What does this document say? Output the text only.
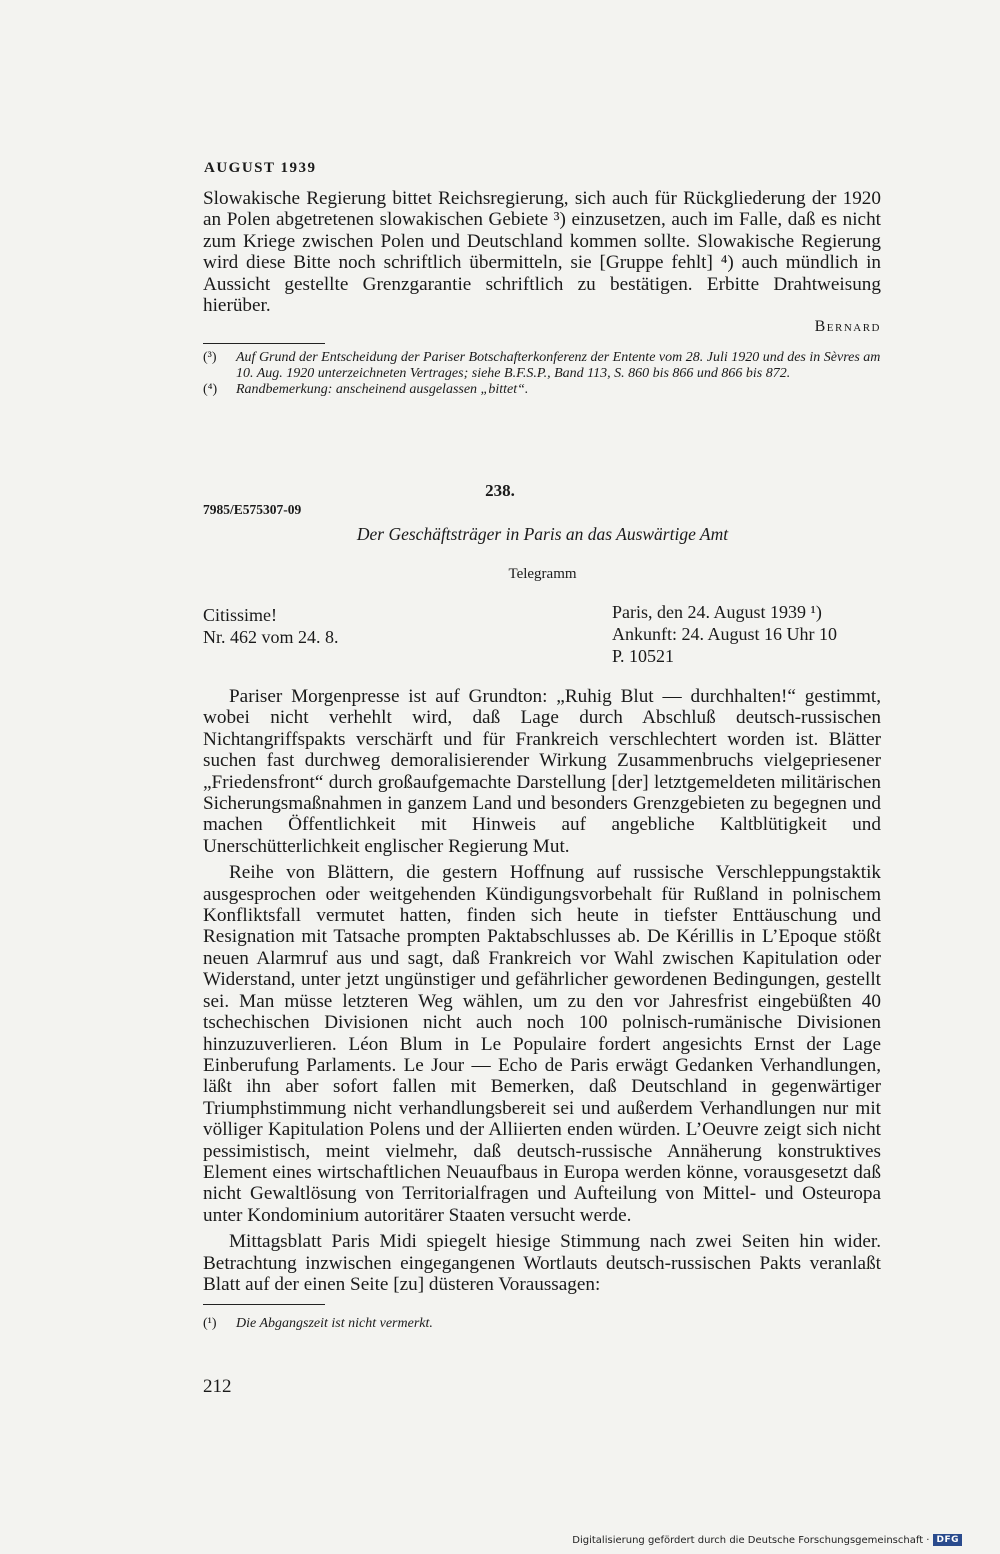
AUGUST 1939
Slowakische Regierung bittet Reichsregierung, sich auch für Rückgliederung der 1920 an Polen abgetretenen slowakischen Gebiete ³) einzusetzen, auch im Falle, daß es nicht zum Kriege zwischen Polen und Deutschland kommen sollte. Slowakische Regierung wird diese Bitte noch schriftlich übermitteln, sie [Gruppe fehlt] ⁴) auch mündlich in Aussicht gestellte Grenzgarantie schriftlich zu bestätigen. Erbitte Drahtweisung hierüber.
Bernard
(³)	Auf Grund der Entscheidung der Pariser Botschafterkonferenz der Entente vom 28. Juli 1920 und des in Sèvres am 10. Aug. 1920 unterzeichneten Vertrages; siehe B.F.S.P., Band 113, S. 860 bis 866 und 866 bis 872.
(⁴)	Randbemerkung: anscheinend ausgelassen „bittet“.
238.
7985/E575307-09
Der Geschäftsträger in Paris an das Auswärtige Amt
Telegramm
Citissime!
Nr. 462 vom 24. 8.
Paris, den 24. August 1939 ¹)
Ankunft: 24. August 16 Uhr 10
P. 10521

Pariser Morgenpresse ist auf Grundton: „Ruhig Blut — durchhalten!“ gestimmt, wobei nicht verhehlt wird, daß Lage durch Abschluß deutsch-russischen Nichtangriffspakts verschärft und für Frankreich verschlechtert worden ist. Blätter suchen fast durchweg demoralisierender Wirkung Zusammenbruchs vielgepriesener „Friedensfront“ durch großaufgemachte Darstellung [der] letztgemeldeten militärischen Sicherungsmaßnahmen in ganzem Land und besonders Grenzgebieten zu begegnen und machen Öffentlichkeit mit Hinweis auf angebliche Kaltblütigkeit und Unerschütterlichkeit englischer Regierung Mut.

Reihe von Blättern, die gestern Hoffnung auf russische Verschleppungstaktik ausgesprochen oder weitgehenden Kündigungsvorbehalt für Rußland in polnischem Konfliktsfall vermutet hatten, finden sich heute in tiefster Enttäuschung und Resignation mit Tatsache prompten Paktabschlusses ab. De Kérillis in L’Epoque stößt neuen Alarmruf aus und sagt, daß Frankreich vor Wahl zwischen Kapitulation oder Widerstand, unter jetzt ungünstiger und gefährlicher gewordenen Bedingungen, gestellt sei. Man müsse letzteren Weg wählen, um zu den vor Jahresfrist eingebüßten 40 tschechischen Divisionen nicht auch noch 100 polnisch-rumänische Divisionen hinzuzuverlieren. Léon Blum in Le Populaire fordert angesichts Ernst der Lage Einberufung Parlaments. Le Jour — Echo de Paris erwägt Gedanken Verhandlungen, läßt ihn aber sofort fallen mit Bemerken, daß Deutschland in gegenwärtiger Triumphstimmung nicht verhandlungsbereit sei und außerdem Verhandlungen nur mit völliger Kapitulation Polens und der Alliierten enden würden. L’Oeuvre zeigt sich nicht pessimistisch, meint vielmehr, daß deutsch-russische Annäherung konstruktives Element eines wirtschaftlichen Neuaufbaus in Europa werden könne, vorausgesetzt daß nicht Gewaltlösung von Territorialfragen und Aufteilung von Mittel- und Osteuropa unter Kondominium autoritärer Staaten versucht werde.

Mittagsblatt Paris Midi spiegelt hiesige Stimmung nach zwei Seiten hin wider. Betrachtung inzwischen eingegangenen Wortlauts deutsch-russischen Pakts veranlaßt Blatt auf der einen Seite [zu] düsteren Voraussagen:

(¹)	Die Abgangszeit ist nicht vermerkt.
212
Digitalisierung gefördert durch die Deutsche Forschungsgemeinschaft · DFG
